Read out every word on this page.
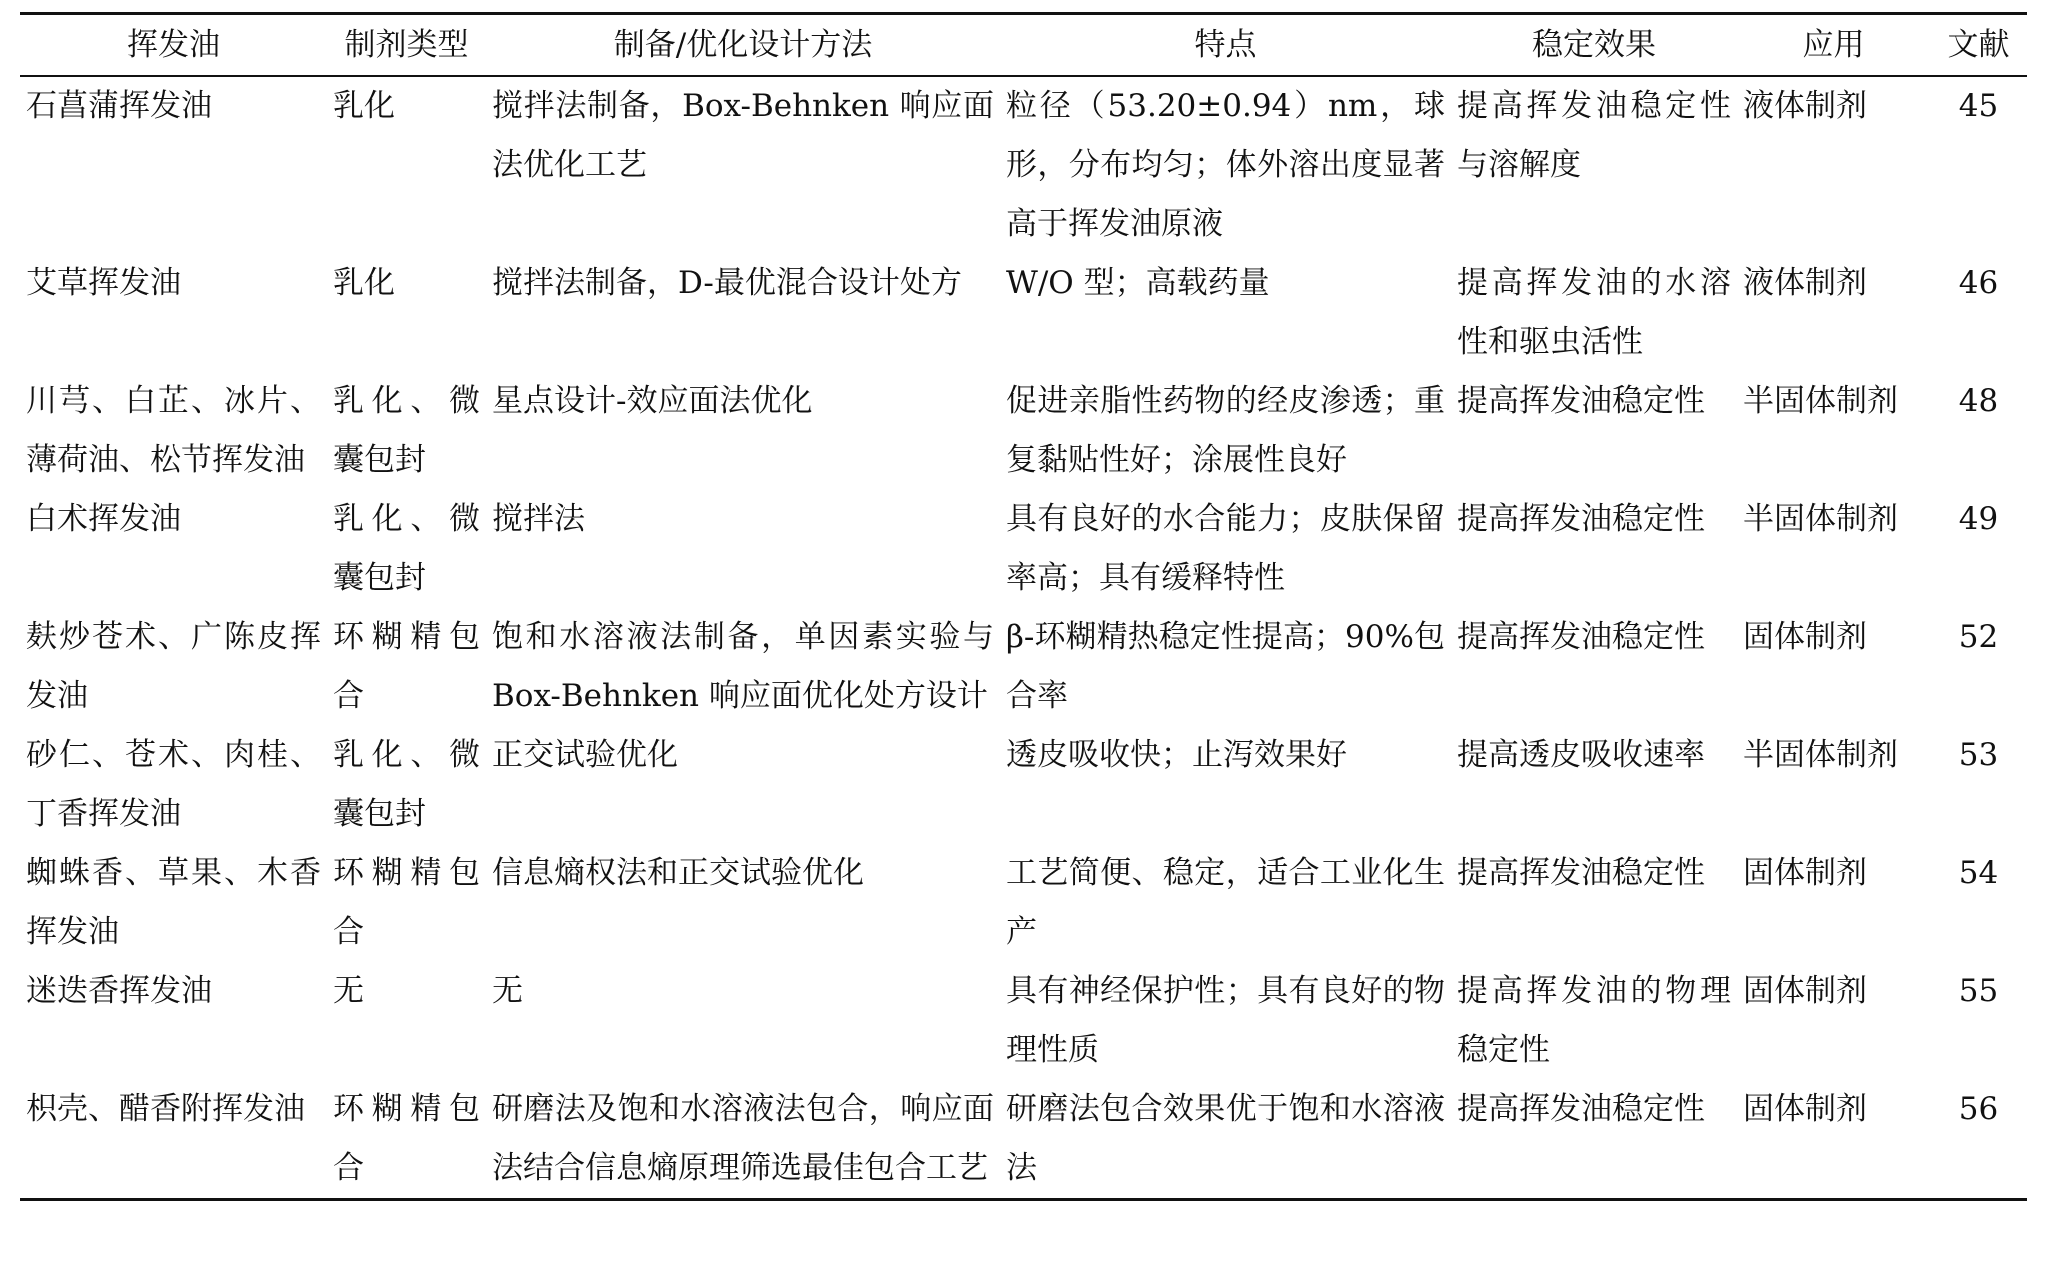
挥发油	制剂类型	制备/优化设计方法	特点	稳定效果	应用	文献
石菖蒲挥发油	乳化	搅拌法制备，Box-Behnken 响应面法优化工艺	粒径（53.20±0.94）nm，球形，分布均匀；体外溶出度显著高于挥发油原液	提高挥发油稳定性与溶解度	液体制剂	45
艾草挥发油	乳化	搅拌法制备，D-最优混合设计处方	W/O 型；高载药量	提高挥发油的水溶性和驱虫活性	液体制剂	46
川芎、白芷、冰片、薄荷油、松节挥发油	乳化、微囊包封	星点设计-效应面法优化	促进亲脂性药物的经皮渗透；重复黏贴性好；涂展性良好	提高挥发油稳定性	半固体制剂	48
白术挥发油	乳化、微囊包封	搅拌法	具有良好的水合能力；皮肤保留率高；具有缓释特性	提高挥发油稳定性	半固体制剂	49
麸炒苍术、广陈皮挥发油	环糊精包合	饱和水溶液法制备，单因素实验与Box-Behnken 响应面优化处方设计	β-环糊精热稳定性提高；90%包合率	提高挥发油稳定性	固体制剂	52
砂仁、苍术、肉桂、丁香挥发油	乳化、微囊包封	正交试验优化	透皮吸收快；止泻效果好	提高透皮吸收速率	半固体制剂	53
蜘蛛香、草果、木香挥发油	环糊精包合	信息熵权法和正交试验优化	工艺简便、稳定，适合工业化生产	提高挥发油稳定性	固体制剂	54
迷迭香挥发油	无	无	具有神经保护性；具有良好的物理性质	提高挥发油的物理稳定性	固体制剂	55
枳壳、醋香附挥发油	环糊精包合	研磨法及饱和水溶液法包合，响应面法结合信息熵原理筛选最佳包合工艺	研磨法包合效果优于饱和水溶液法	提高挥发油稳定性	固体制剂	56
